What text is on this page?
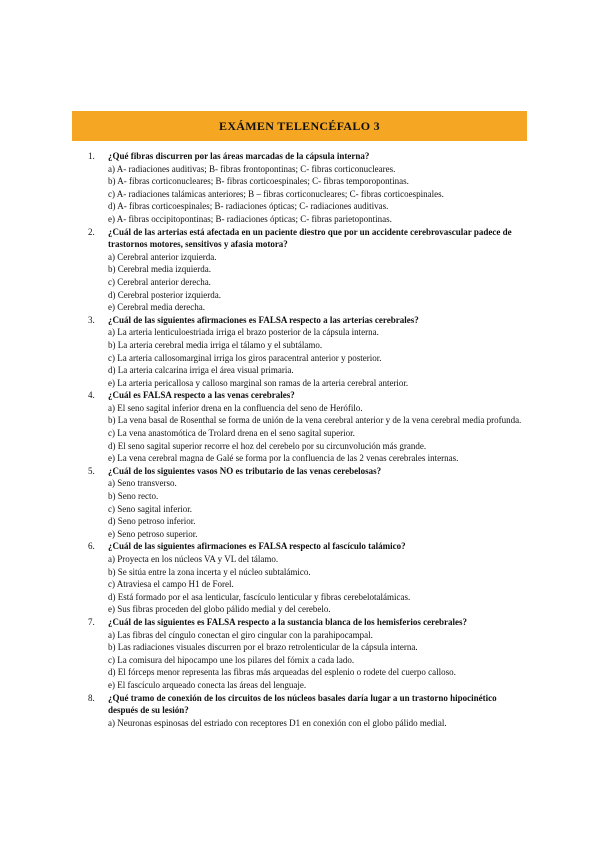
EXÁMEN TELENCÉFALO 3
1. ¿Qué fibras discurren por las áreas marcadas de la cápsula interna?
a) A- radiaciones auditivas; B- fibras frontopontinas; C- fibras corticonucleares.
b) A- fibras corticonucleares; B- fibras corticoespinales; C- fibras temporopontinas.
c) A- radiaciones talámicas anteriores; B – fibras corticonucleares; C- fibras corticoespinales.
d) A- fibras corticoespinales; B- radiaciones ópticas; C- radiaciones auditivas.
e) A- fibras occipitopontinas; B- radiaciones ópticas; C- fibras parietopontinas.
2. ¿Cuál de las arterias está afectada en un paciente diestro que por un accidente cerebrovascular padece de trastornos motores, sensitivos y afasia motora?
a) Cerebral anterior izquierda.
b) Cerebral media izquierda.
c) Cerebral anterior derecha.
d) Cerebral posterior izquierda.
e) Cerebral media derecha.
3. ¿Cuál de las siguientes afirmaciones es FALSA respecto a las arterias cerebrales?
a) La arteria lenticuloestriada irriga el brazo posterior de la cápsula interna.
b) La arteria cerebral media irriga el tálamo y el subtálamo.
c) La arteria callosomarginal irriga los giros paracentral anterior y posterior.
d) La arteria calcarina irriga el área visual primaria.
e) La arteria pericallosa y calloso marginal son ramas de la arteria cerebral anterior.
4. ¿Cuál es FALSA respecto a las venas cerebrales?
a) El seno sagital inferior drena en la confluencia del seno de Herófilo.
b) La vena basal de Rosenthal se forma de unión de la vena cerebral anterior y de la vena cerebral media profunda.
c) La vena anastomótica de Trolard drena en el seno sagital superior.
d) El seno sagital superior recorre el hoz del cerebelo por su circunvolución más grande.
e) La vena cerebral magna de Galé se forma por la confluencia de las 2 venas cerebrales internas.
5. ¿Cuál de los siguientes vasos NO es tributario de las venas cerebelosas?
a) Seno transverso.
b) Seno recto.
c) Seno sagital inferior.
d) Seno petroso inferior.
e) Seno petroso superior.
6. ¿Cuál de las siguientes afirmaciones es FALSA respecto al fascículo talámico?
a) Proyecta en los núcleos VA y VL del tálamo.
b) Se sitúa entre la zona incerta y el núcleo subtalámico.
c) Atraviesa el campo H1 de Forel.
d) Está formado por el asa lenticular, fascículo lenticular y fibras cerebelotalámicas.
e) Sus fibras proceden del globo pálido medial y del cerebelo.
7. ¿Cuál de las siguientes es FALSA respecto a la sustancia blanca de los hemisferios cerebrales?
a) Las fibras del cíngulo conectan el giro cingular con la parahipocampal.
b) Las radiaciones visuales discurren por el brazo retrolenticular de la cápsula interna.
c) La comisura del hipocampo une los pilares del fórnix a cada lado.
d) El fórceps menor representa las fibras más arqueadas del esplenio o rodete del cuerpo calloso.
e) El fascículo arqueado conecta las áreas del lenguaje.
8. ¿Qué tramo de conexión de los circuitos de los núcleos basales daría lugar a un trastorno hipocinético después de su lesión?
a) Neuronas espinosas del estriado con receptores D1 en conexión con el globo pálido medial.
